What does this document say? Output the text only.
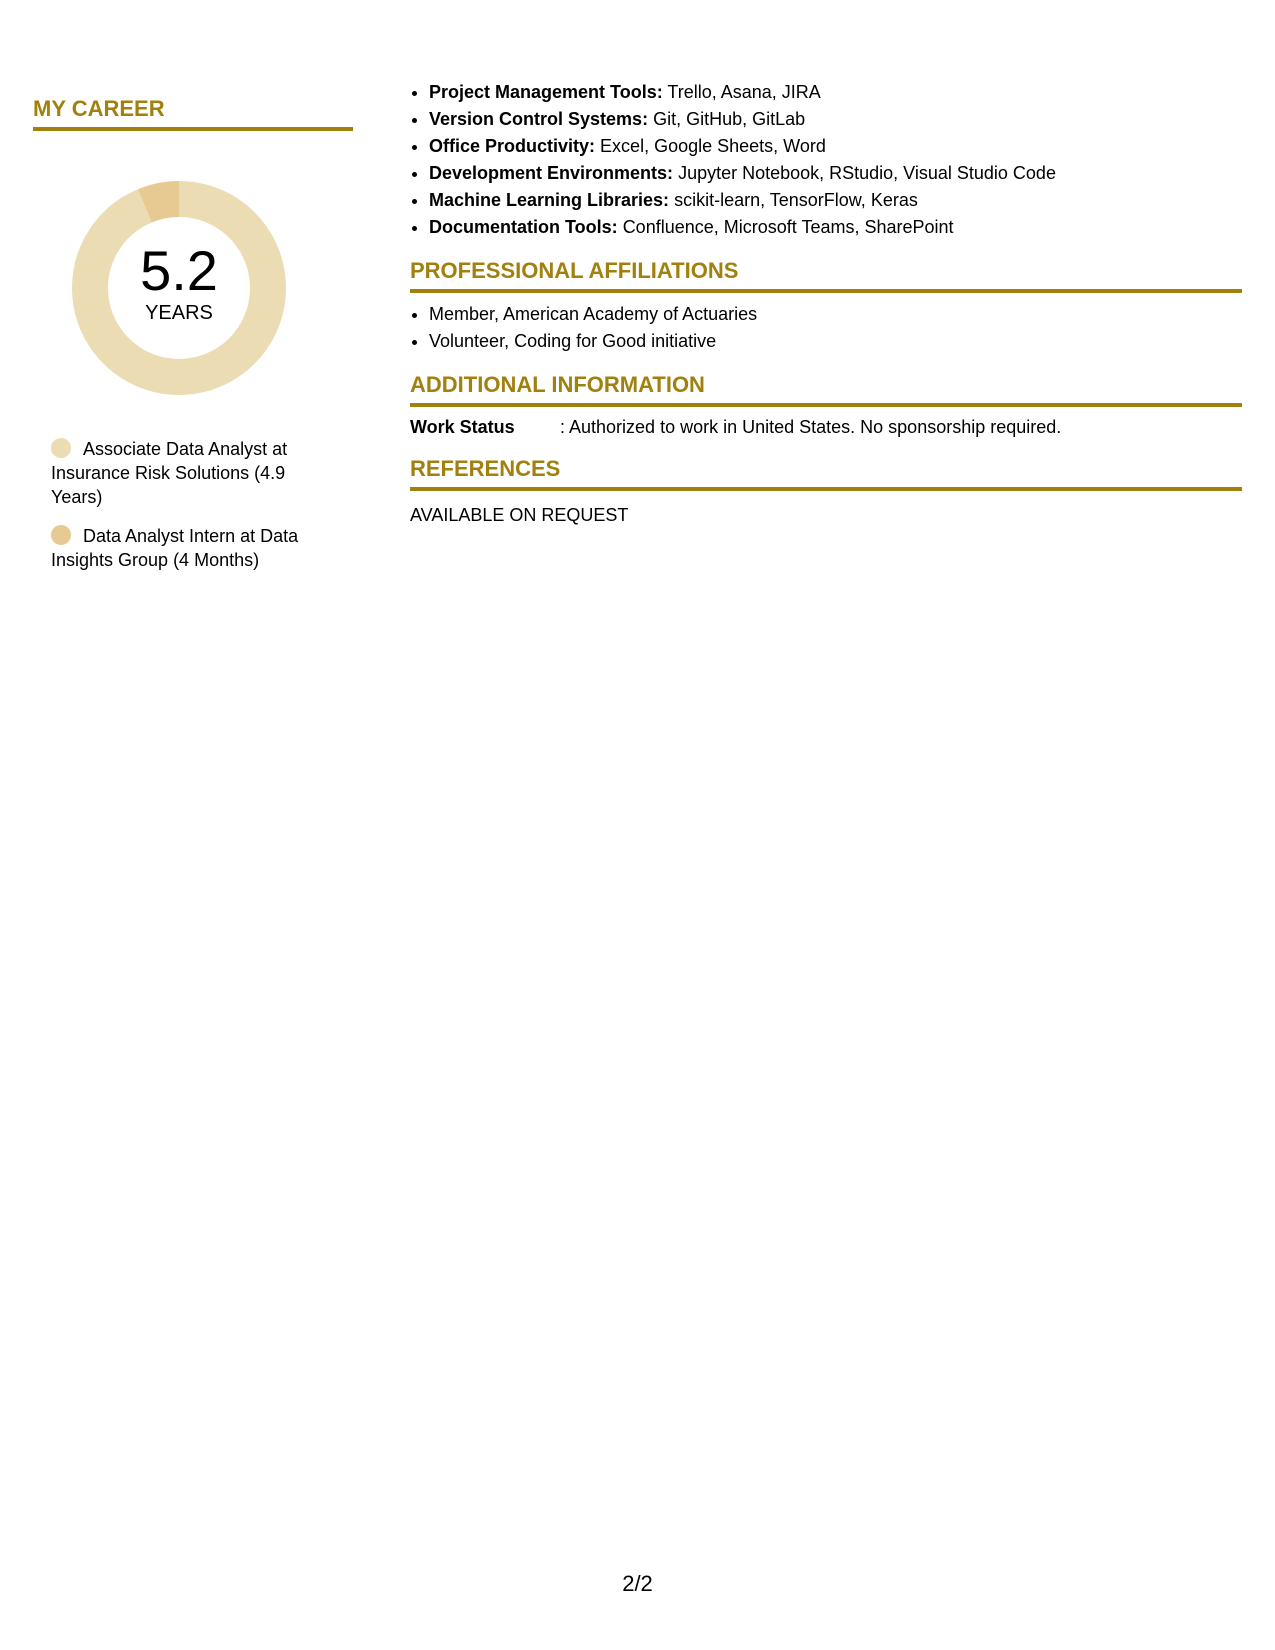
MY CAREER
5.2
YEARS
Associate Data Analyst at Insurance Risk Solutions (4.9 Years)
Data Analyst Intern at Data Insights Group (4 Months)
• Project Management Tools: Trello, Asana, JIRA
• Version Control Systems: Git, GitHub, GitLab
• Office Productivity: Excel, Google Sheets, Word
• Development Environments: Jupyter Notebook, RStudio, Visual Studio Code
• Machine Learning Libraries: scikit-learn, TensorFlow, Keras
• Documentation Tools: Confluence, Microsoft Teams, SharePoint
PROFESSIONAL AFFILIATIONS
• Member, American Academy of Actuaries
• Volunteer, Coding for Good initiative
ADDITIONAL INFORMATION
Work Status	: Authorized to work in United States. No sponsorship required.
REFERENCES
AVAILABLE ON REQUEST
2/2
